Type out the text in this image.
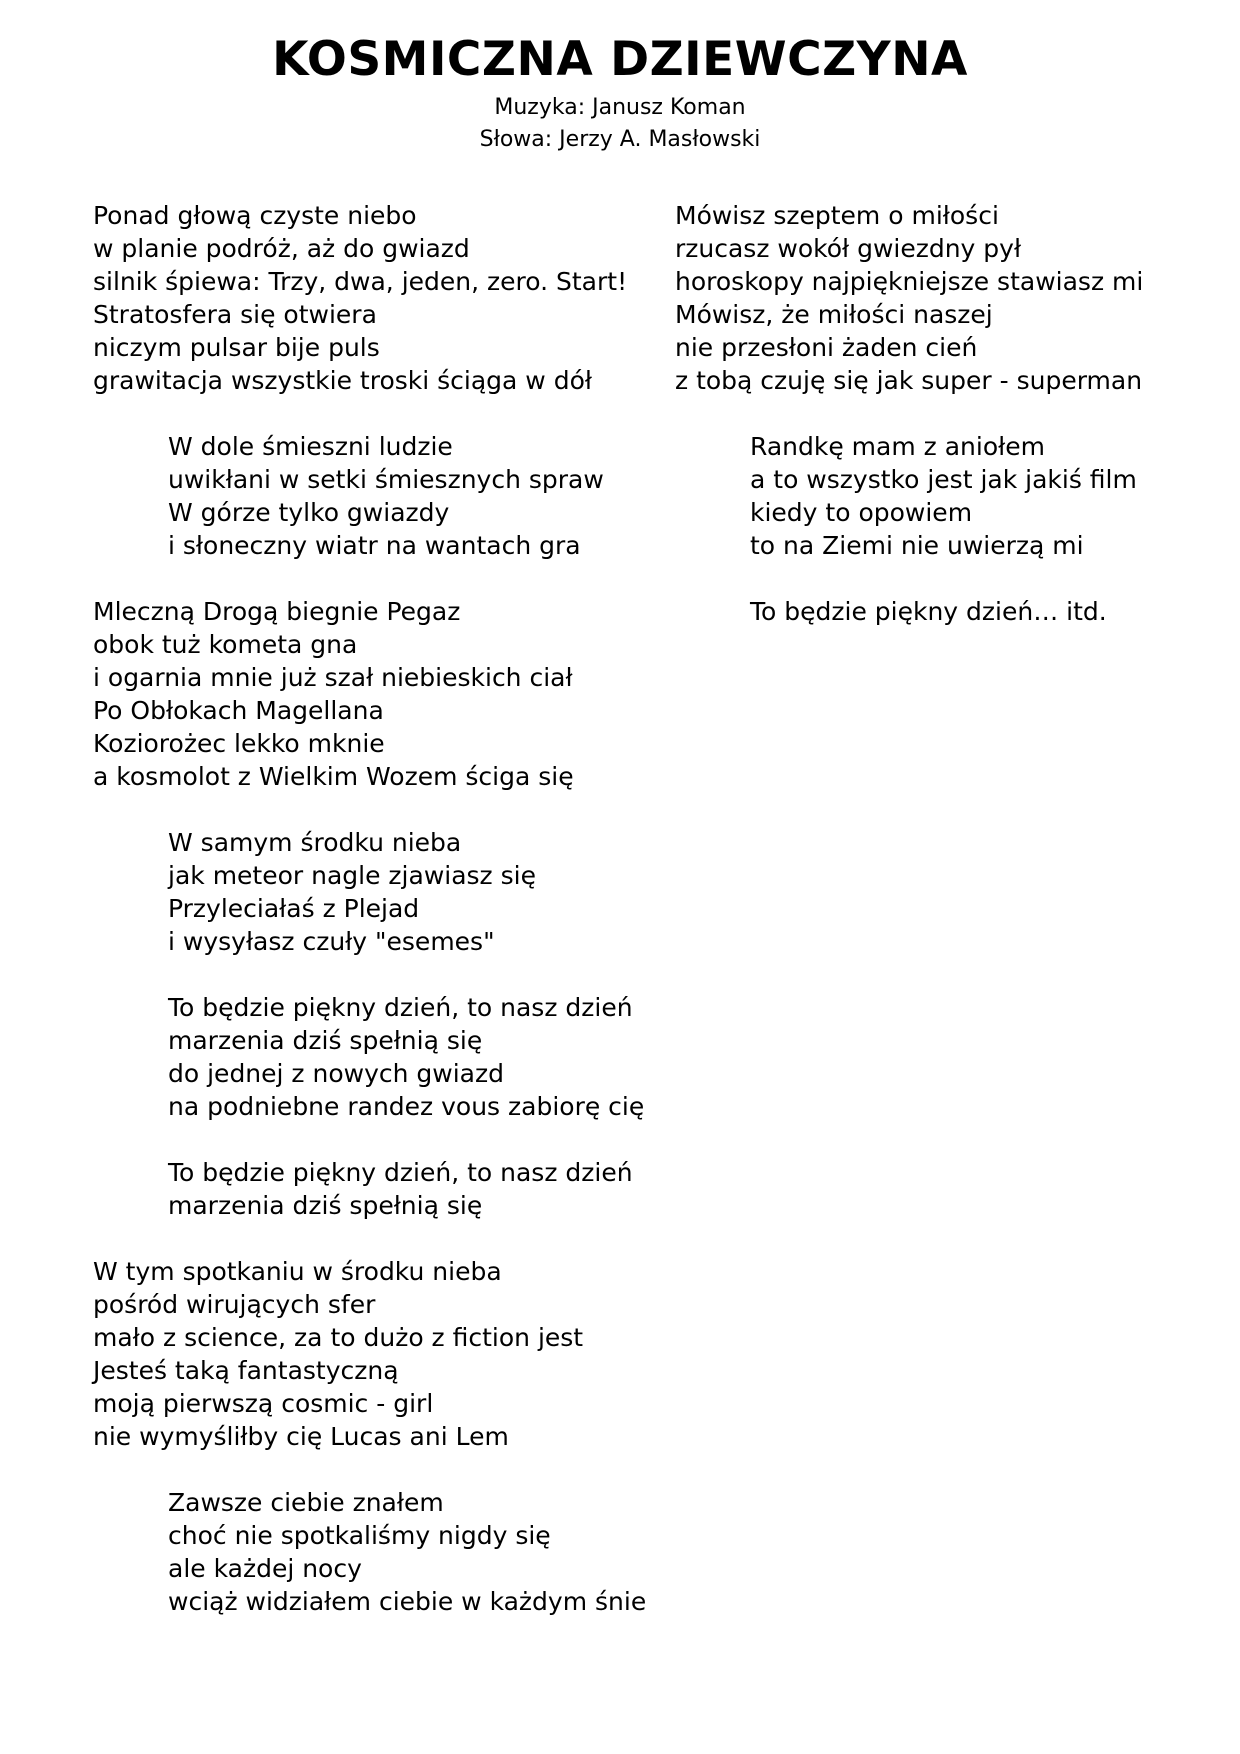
KOSMICZNA DZIEWCZYNA
Muzyka: Janusz Koman
Słowa: Jerzy A. Masłowski
Ponad głową czyste niebo
w planie podróż, aż do gwiazd
silnik śpiewa: Trzy, dwa, jeden, zero. Start!
Stratosfera się otwiera
niczym pulsar bije puls
grawitacja wszystkie troski ściąga w dół
W dole śmieszni ludzie
uwikłani w setki śmiesznych spraw
W górze tylko gwiazdy
i słoneczny wiatr na wantach gra
Mleczną Drogą biegnie Pegaz
obok tuż kometa gna
i ogarnia mnie już szał niebieskich ciał
Po Obłokach Magellana
Koziorożec lekko mknie
a kosmolot z Wielkim Wozem ściga się
W samym środku nieba
jak meteor nagle zjawiasz się
Przyleciałaś z Plejad
i wysyłasz czuły "esemes"
To będzie piękny dzień, to nasz dzień
marzenia dziś spełnią się
do jednej z nowych gwiazd
na podniebne randez vous zabiorę cię
To będzie piękny dzień, to nasz dzień
marzenia dziś spełnią się
W tym spotkaniu w środku nieba
pośród wirujących sfer
mało z science, za to dużo z fiction jest
Jesteś taką fantastyczną
moją pierwszą cosmic - girl
nie wymyśliłby cię Lucas ani Lem
Zawsze ciebie znałem
choć nie spotkaliśmy nigdy się
ale każdej nocy
wciąż widziałem ciebie w każdym śnie
Mówisz szeptem o miłości
rzucasz wokół gwiezdny pył
horoskopy najpiękniejsze stawiasz mi
Mówisz, że miłości naszej
nie przesłoni żaden cień
z tobą czuję się jak super - superman
Randkę mam z aniołem
a to wszystko jest jak jakiś film
kiedy to opowiem
to na Ziemi nie uwierzą mi
To będzie piękny dzień… itd.
